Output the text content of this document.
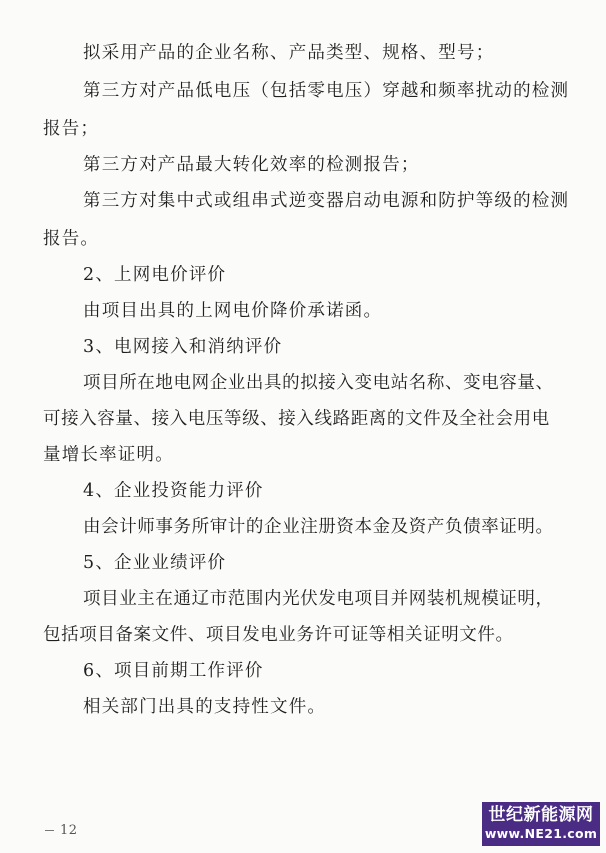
拟采用产品的企业名称、产品类型、规格、型号；
第三方对产品低电压（包括零电压）穿越和频率扰动的检测
报告；
第三方对产品最大转化效率的检测报告；
第三方对集中式或组串式逆变器启动电源和防护等级的检测
报告。
2、上网电价评价
由项目出具的上网电价降价承诺函。
3、电网接入和消纳评价
项目所在地电网企业出具的拟接入变电站名称、变电容量、
可接入容量、接入电压等级、接入线路距离的文件及全社会用电
量增长率证明。
4、企业投资能力评价
由会计师事务所审计的企业注册资本金及资产负债率证明。
5、企业业绩评价
项目业主在通辽市范围内光伏发电项目并网装机规模证明，
包括项目备案文件、项目发电业务许可证等相关证明文件。
6、项目前期工作评价
相关部门出具的支持性文件。
12
世纪新能源网
www.NE21.com
